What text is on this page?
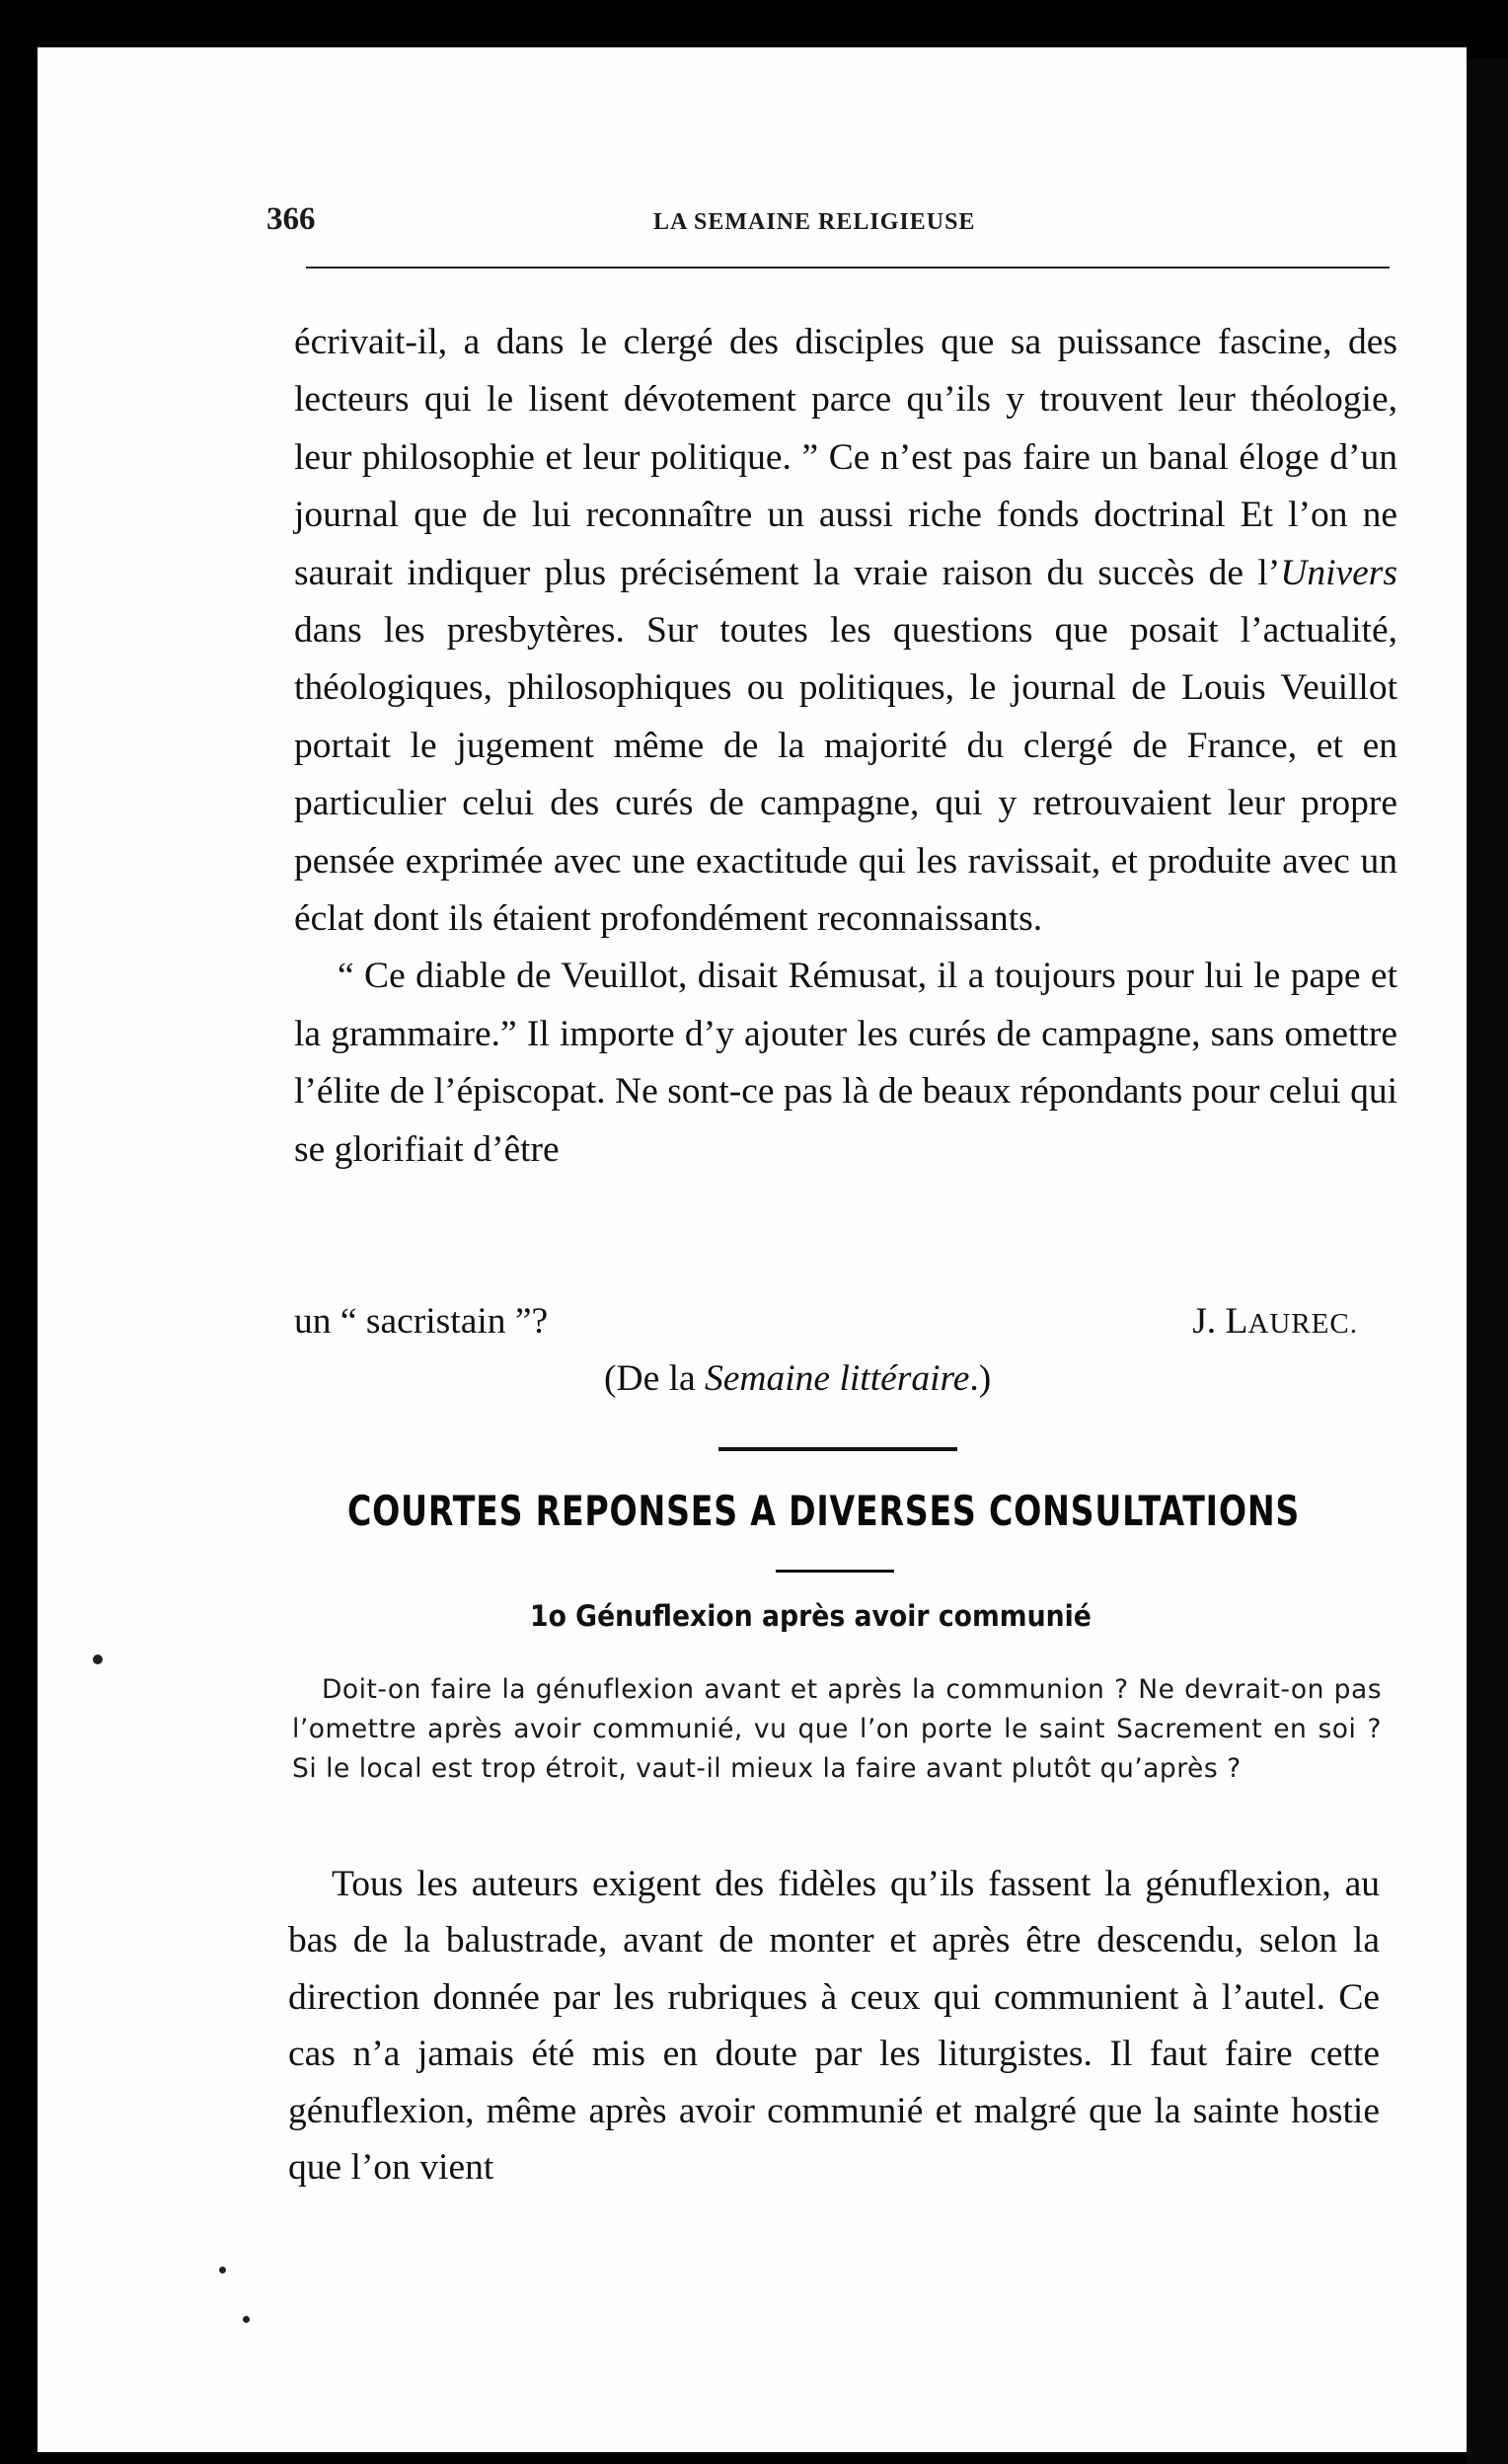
366	LA SEMAINE RELIGIEUSE

écrivait-il, a dans le clergé des disciples que sa puissance fascine, des lecteurs qui le lisent dévotement parce qu’ils y trouvent leur théologie, leur philosophie et leur politique. ” Ce n’est pas faire un banal éloge d’un journal que de lui reconnaître un aussi riche fonds doctrinal Et l’on ne saurait indiquer plus précisément la vraie raison du succès de l’Univers dans les presbytères. Sur toutes les questions que posait l’actualité, théologiques, philosophiques ou politiques, le journal de Louis Veuillot portait le jugement même de la majorité du clergé de France, et en particulier celui des curés de campagne, qui y retrouvaient leur propre pensée exprimée avec une exactitude qui les ravissait, et produite avec un éclat dont ils étaient profondément reconnaissants.

“ Ce diable de Veuillot, disait Rémusat, il a toujours pour lui le pape et la grammaire.” Il importe d’y ajouter les curés de campagne, sans omettre l’élite de l’épiscopat. Ne sont-ce pas là de beaux répondants pour celui qui se glorifiait d’être

un “ sacristain ”?	J. LAUREC.
(De la Semaine littéraire.)
COURTES REPONSES A DIVERSES CONSULTATIONS
1o Génuflexion après avoir communié
Doit-on faire la génuflexion avant et après la communion ? Ne devrait-on pas l’omettre après avoir communié, vu que l’on porte le saint Sacrement en soi ? Si le local est trop étroit, vaut-il mieux la faire avant plutôt qu’après ?
Tous les auteurs exigent des fidèles qu’ils fassent la génuflexion, au bas de la balustrade, avant de monter et après être descendu, selon la direction donnée par les rubriques à ceux qui communient à l’autel. Ce cas n’a jamais été mis en doute par les liturgistes. Il faut faire cette génuflexion, même après avoir communié et malgré que la sainte hostie que l’on vient
